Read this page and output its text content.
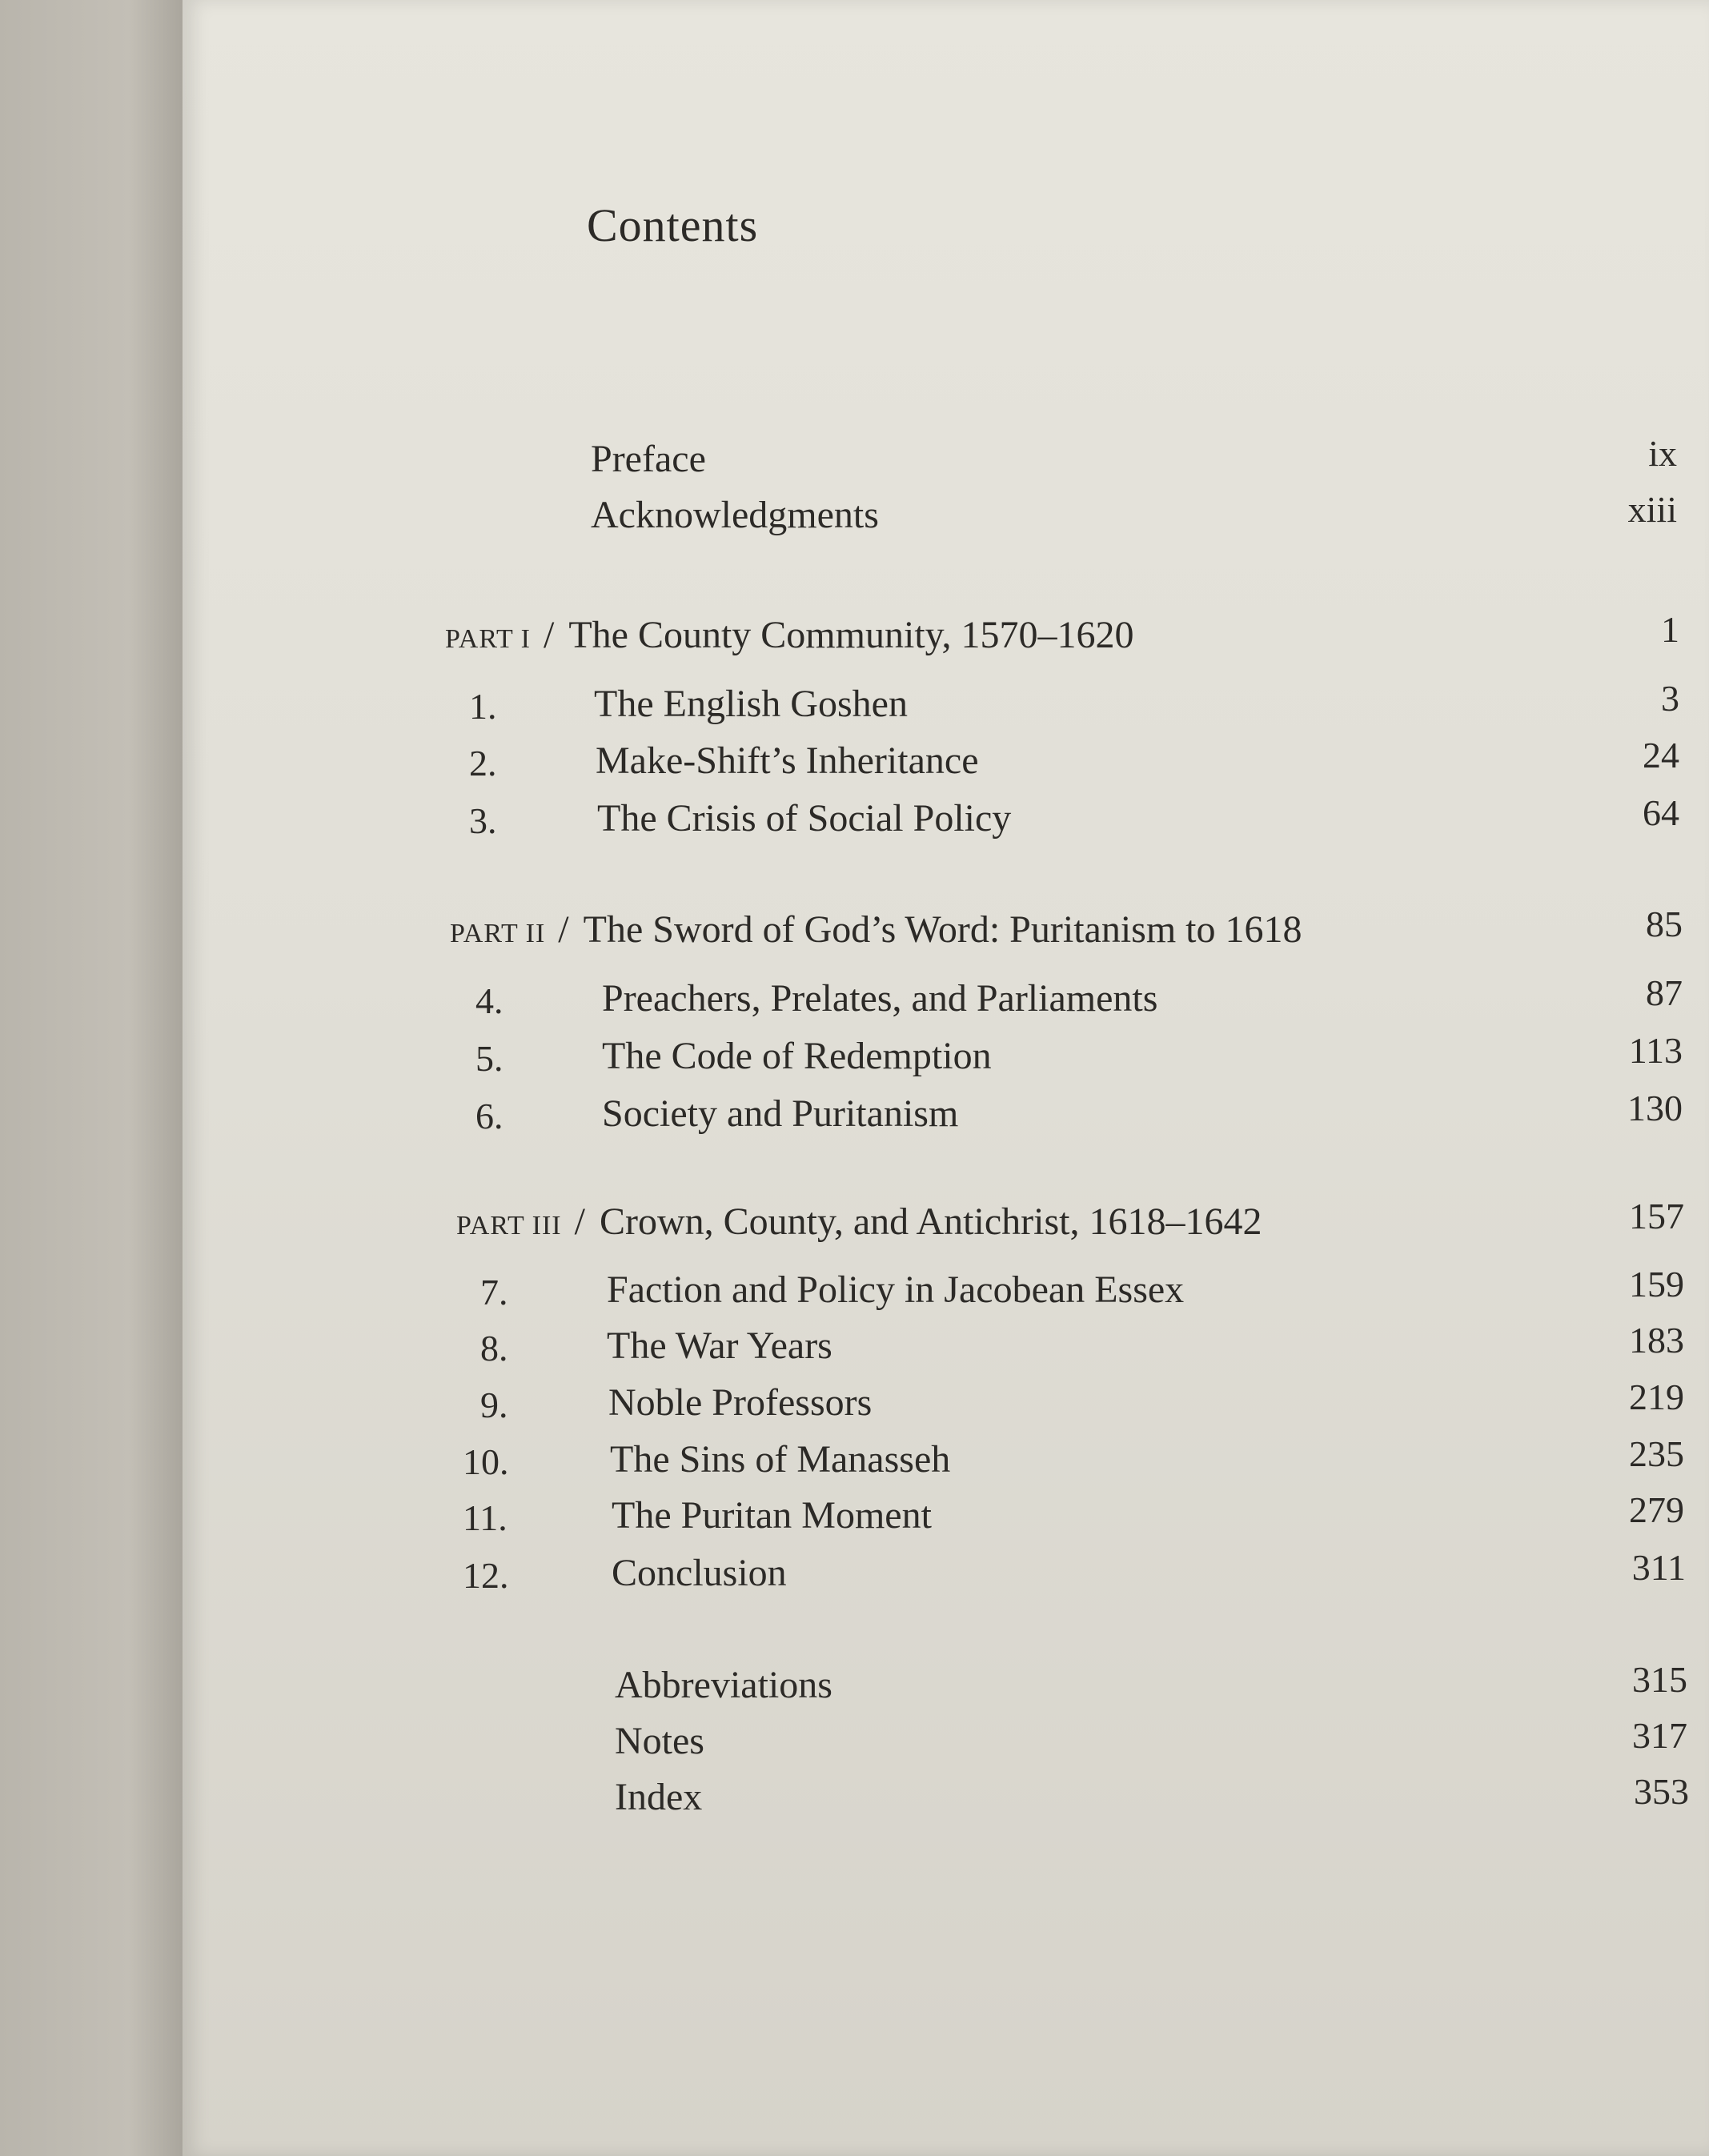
Contents
Preface	ix
Acknowledgments	xiii
PART I / The County Community, 1570–1620	1
1.	The English Goshen	3
2.	Make-Shift’s Inheritance	24
3.	The Crisis of Social Policy	64
PART II / The Sword of God’s Word: Puritanism to 1618	85
4.	Preachers, Prelates, and Parliaments	87
5.	The Code of Redemption	113
6.	Society and Puritanism	130
PART III / Crown, County, and Antichrist, 1618–1642	157
7.	Faction and Policy in Jacobean Essex	159
8.	The War Years	183
9.	Noble Professors	219
10.	The Sins of Manasseh	235
11.	The Puritan Moment	279
12.	Conclusion	311
Abbreviations	315
Notes	317
Index	353
